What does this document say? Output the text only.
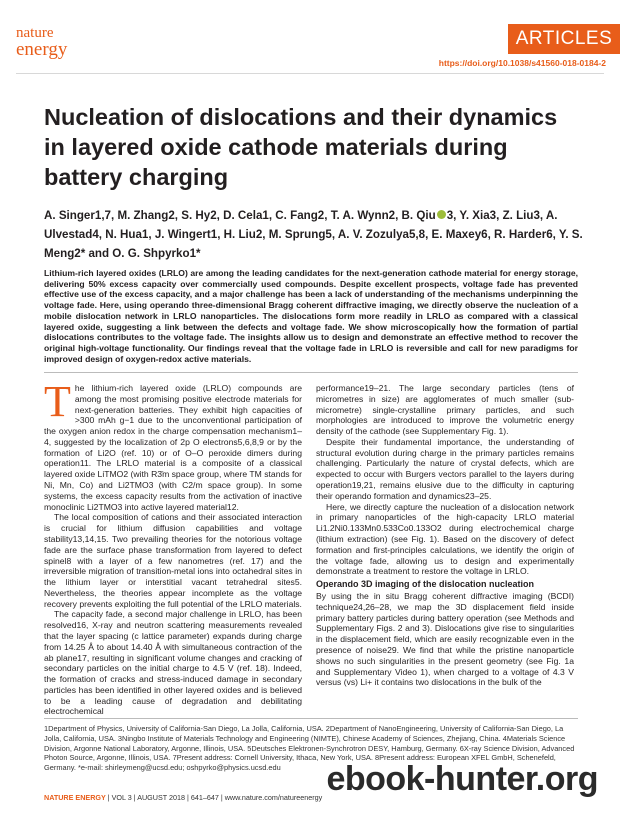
nature
energy
ARTICLES
https://doi.org/10.1038/s41560-018-0184-2
Nucleation of dislocations and their dynamics in layered oxide cathode materials during battery charging

A. Singer1,7, M. Zhang2, S. Hy2, D. Cela1, C. Fang2, T. A. Wynn2, B. Qiu 3, Y. Xia3, Z. Liu3, A. Ulvestad4, N. Hua1, J. Wingert1, H. Liu2, M. Sprung5, A. V. Zozulya5,8, E. Maxey6, R. Harder6, Y. S. Meng2* and O. G. Shpyrko1*

Lithium-rich layered oxides (LRLO) are among the leading candidates for the next-generation cathode material for energy storage, delivering 50% excess capacity over commercially used compounds. Despite excellent prospects, voltage fade has prevented effective use of the excess capacity, and a major challenge has been a lack of understanding of the mechanisms underpinning the voltage fade. Here, using operando three-dimensional Bragg coherent diffractive imaging, we directly observe the nucleation of a mobile dislocation network in LRLO nanoparticles. The dislocations form more readily in LRLO as compared with a classical layered oxide, suggesting a link between the defects and voltage fade. We show microscopically how the formation of partial dislocations contributes to the voltage fade. The insights allow us to design and demonstrate an effective method to recover the original high-voltage functionality. Our findings reveal that the voltage fade in LRLO is reversible and call for new paradigms for improved design of oxygen-redox active materials.

The lithium-rich layered oxide (LRLO) compounds are among the most promising positive electrode materials for next-generation batteries. They exhibit high capacities of >300 mAh g−1 due to the unconventional participation of the oxygen anion redox in the charge compensation mechanism1–4, suggested by the localization of 2p O electrons5,6,8,9 or by the formation of Li2O (ref. 10) or of O–O peroxide dimers during operation11. The LRLO material is a composite of a classical layered oxide LiTMO2 (with R3̄m space group, where TM stands for Ni, Mn, Co) and Li2TMO3 (with C2/m space group). In some systems, the excess capacity results from the activation of inactive monoclinic Li2TMO3 into active layered material12.

The local composition of cations and their associated interaction is crucial for lithium diffusion capabilities and voltage stability13,14,15. Two prevailing theories for the notorious voltage fade are the surface phase transformation from layered to defect spinel8 with a layer of a few nanometres (ref. 17) and the irreversible migration of transition-metal ions into octahedral sites in the lithium layer or interstitial vacant tetrahedral sites5. Nevertheless, the theories appear incomplete as the voltage recovery prevents exploiting the full potential of the LRLO materials.

The capacity fade, a second major challenge in LRLO, has been resolved16, X-ray and neutron scattering measurements revealed that the layer spacing (c lattice parameter) expands during charge from 14.25 Å to about 14.40 Å with simultaneous contraction of the ab plane17, resulting in significant volume changes and cracking of secondary particles on the initial charge to 4.5 V (ref. 18). Indeed, the formation of cracks and stress-induced damage in secondary particles has been identified in other layered oxides and is believed to be a leading cause of degradation and debilitating electrochemical

performance19–21. The large secondary particles (tens of micrometres in size) are agglomerates of much smaller (sub-micrometre) single-crystalline primary particles, and such morphologies are introduced to improve the volumetric energy density of the cathode (see Supplementary Fig. 1).

Despite their fundamental importance, the understanding of structural evolution during charge in the primary particles remains challenging. Particularly the nature of crystal defects, which are expected to occur with Burgers vectors parallel to the layers during operation19,21, remains elusive due to the difficulty in capturing their operando formation and dynamics23–25.

Here, we directly capture the nucleation of a dislocation network in primary nanoparticles of the high-capacity LRLO material Li1.2Ni0.133Mn0.533Co0.133O2 during electrochemical charge (lithium extraction) (see Fig. 1). Based on the discovery of defect formation and first-principles calculations, we identify the origin of the voltage fade, allowing us to design and experimentally demonstrate a treatment to restore the voltage in LRLO.

Operando 3D imaging of the dislocation nucleation

By using the in situ Bragg coherent diffractive imaging (BCDI) technique24,26–28, we map the 3D displacement field inside primary battery particles during battery operation (see Methods and Supplementary Figs. 2 and 3). Dislocations give rise to singularities in the displacement field, which are easily recognizable even in the presence of noise29. We find that while the pristine nanoparticle shows no such singularities in the present geometry (see Fig. 1a and Supplementary Video 1), when charged to a voltage of 4.3 V versus (vs) Li+ it contains two dislocations in the bulk of the

1Department of Physics, University of California-San Diego, La Jolla, California, USA. 2Department of NanoEngineering, University of California-San Diego, La Jolla, California, USA. 3Ningbo Institute of Materials Technology and Engineering (NIMTE), Chinese Academy of Sciences, Zhejiang, China. 4Materials Science Division, Argonne National Laboratory, Argonne, Illinois, USA. 5Deutsches Elektronen-Synchrotron DESY, Hamburg, Germany. 6X-ray Science Division, Advanced Photon Source, Argonne, Illinois, USA. 7Present address: Cornell University, Ithaca, New York, USA. 8Present address: European XFEL GmbH, Schenefeld, Germany. *e-mail: shirleymeng@ucsd.edu; oshpyrko@physics.ucsd.edu

NATURE ENERGY | VOL 3 | AUGUST 2018 | 641–647 | www.nature.com/natureenergy ebook-hunter.org
